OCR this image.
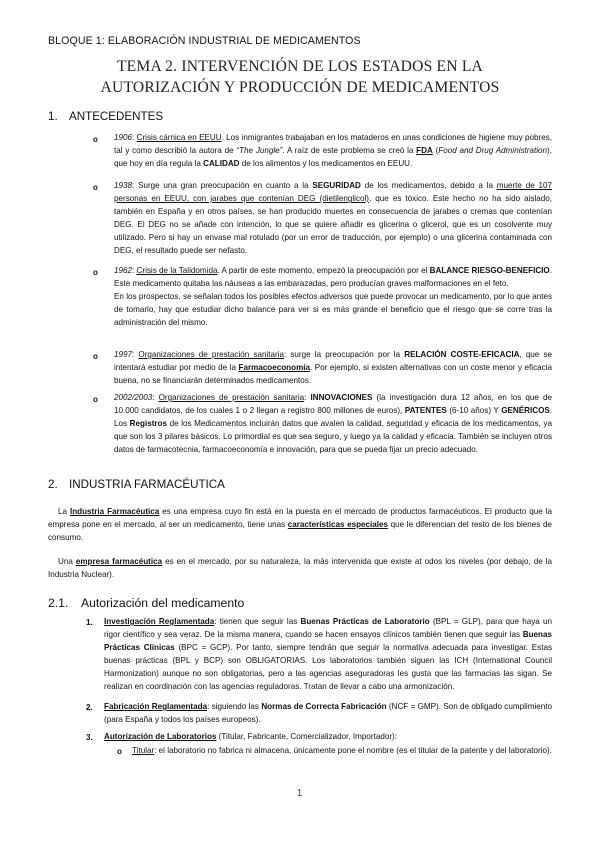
BLOQUE 1: ELABORACIÓN INDUSTRIAL DE MEDICAMENTOS
TEMA 2. INTERVENCIÓN DE LOS ESTADOS EN LA
AUTORIZACIÓN Y PRODUCCIÓN DE MEDICAMENTOS
1. ANTECEDENTES
o 1906: Crisis cárnica en EEUU. Los inmigrantes trabajaban en los mataderos en unas condiciones de higiene muy pobres, tal y como describió la autora de “The Jungle”. A raíz de este problema se creó la FDA (Food and Drug Administration), que hoy en día regula la CALIDAD de los alimentos y los medicamentos en EEUU.
o 1938: Surge una gran preocupación en cuanto a la SEGURIDAD de los medicamentos, debido a la muerte de 107 personas en EEUU, con jarabes que contenían DEG (dietilenglicol), que es tóxico. Este hecho no ha sido aislado, también en España y en otros países, se han producido muertes en consecuencia de jarabes o cremas que contenían DEG. El DEG no se añade con intención, lo que se quiere añadir es glicerina o glicerol, que es un cosolvente muy utilizado. Pero si hay un envase mal rotulado (por un error de traducción, por ejemplo) o una glicerina contaminada con DEG, el resultado puede ser nefasto.
o 1962: Crisis de la Talidomida. A partir de este momento, empezó la preocupación por el BALANCE RIESGO-BENEFICIO. Este medicamento quitaba las náuseas a las embarazadas, pero producían graves malformaciones en el feto.
En los prospectos, se señalan todos los posibles efectos adversos que puede provocar un medicamento, por lo que antes de tomarlo, hay que estudiar dicho balance para ver si es más grande el beneficio que el riesgo que se corre tras la administración del mismo.
o 1997: Organizaciones de prestación sanitaria: surge la preocupación por la RELACIÓN COSTE-EFICACIA, que se intentará estudiar por medio de la Farmacoeconomía. Por ejemplo, si existen alternativas con un coste menor y eficacia buena, no se financiarán determinados medicamentos.
o 2002/2003: Organizaciones de prestación sanitaria: INNOVACIONES (la investigación dura 12 años, en los que de 10.000 candidatos, de los cuales 1 o 2 llegan a registro 800 millones de euros), PATENTES (6-10 años) Y GENÉRICOS. Los Registros de los Medicamentos incluirán datos que avalen la calidad, seguridad y eficacia de los medicamentos, ya que son los 3 pilares básicos. Lo primordial es que sea seguro, y luego ya la calidad y eficacia. También se incluyen otros datos de farmacotecnia, farmacoeconomía e innovación, para que se pueda fijar un precio adecuado.
2. INDUSTRIA FARMACÉUTICA
La Industria Farmacéutica es una empresa cuyo fin está en la puesta en el mercado de productos farmacéuticos. El producto que la empresa pone en el mercado, al ser un medicamento, tiene unas características especiales que le diferencian del resto de los bienes de consumo.
Una empresa farmacéutica es en el mercado, por su naturaleza, la más intervenida que existe at odos los niveles (por debajo, de la Industria Nuclear).
2.1. Autorización del medicamento
1. Investigación Reglamentada: tienen que seguir las Buenas Prácticas de Laboratorio (BPL = GLP), para que haya un rigor científico y sea veraz. De la misma manera, cuando se hacen ensayos clínicos también tienen que seguir las Buenas Prácticas Clínicas (BPC = GCP). Por tanto, siempre tendrán que seguir la normativa adecuada para investigar. Estas buenas prácticas (BPL y BCP) son OBLIGATORIAS. Los laboratorios también siguen las ICH (International Council Harmonization) aunque no son obligatorias, pero a las agencias aseguradoras les gusta que las farmacias las sigan. Se realizan en coordinación con las agencias reguladoras. Tratan de llevar a cabo una armonización.
2. Fabricación Reglamentada: siguiendo las Normas de Correcta Fabricación (NCF = GMP). Son de obligado cumplimiento (para España y todos los países europeos).
3. Autorización de Laboratorios (Titular, Fabricante, Comercializador, Importador):
o Titular: el laboratorio no fabrica ni almacena, únicamente pone el nombre (es el titular de la patente y del laboratorio).
1
